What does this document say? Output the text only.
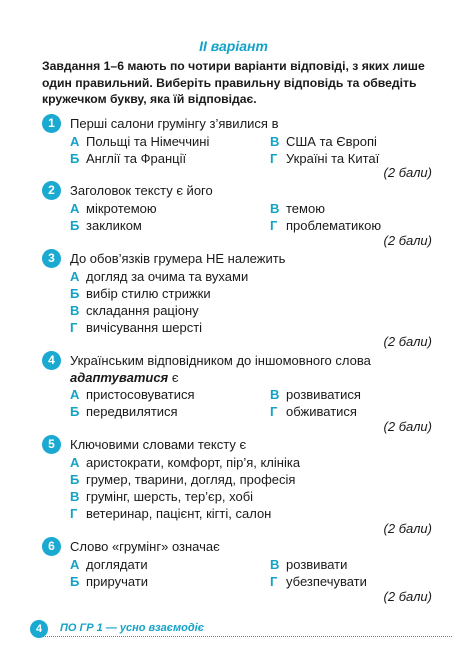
II варіант
Завдання 1–6 мають по чотири варіанти відповіді, з яких лише один правильний. Виберіть правильну відповідь та обведіть кружечком букву, яка їй відповідає.
1	Перші салони грумінгу з’явилися в
А Польщі та Німеччині	В США та Європі
Б Англії та Франції	Г Україні та Китаї
(2 бали)
2	Заголовок тексту є його
А мікротемою	В темою
Б закликом	Г проблематикою
(2 бали)
3	До обов’язків грумера НЕ належить
А догляд за очима та вухами
Б вибір стилю стрижки
В складання раціону
Г вичісування шерсті
(2 бали)
4	Українським відповідником до іншомовного слова адаптуватися є
А пристосовуватися	В розвиватися
Б передвилятися	Г обживатися
(2 бали)
5	Ключовими словами тексту є
А аристократи, комфорт, пір’я, клініка
Б грумер, тварини, догляд, професія
В грумінг, шерсть, тер’єр, хобі
Г ветеринар, пацієнт, кігті, салон
(2 бали)
6	Слово «грумінг» означає
А доглядати	В розвивати
Б приручати	Г убезпечувати
(2 бали)
4	ПО ГР 1 — усно взаємодіє
